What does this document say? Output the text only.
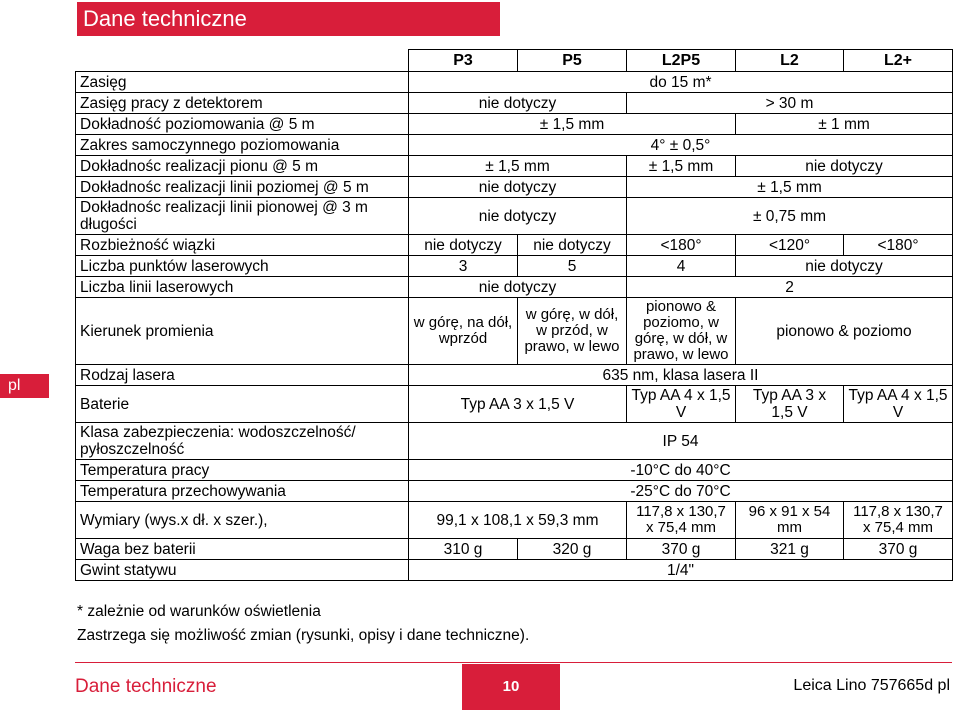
Dane techniczne
pl
	P3	P5	L2P5	L2	L2+
Zasięg	do 15 m*				
Zasięg pracy z detektorem	nie dotyczy		> 30 m		
Dokładność poziomowania @ 5 m	± 1,5 mm			± 1 mm	
Zakres samoczynnego poziomowania	4° ± 0,5°				
Dokładnośc realizacji pionu @ 5 m	± 1,5 mm		± 1,5 mm	nie dotyczy	
Dokładnośc realizacji linii poziomej @ 5 m	nie dotyczy		± 1,5 mm		
Dokładnośc realizacji linii pionowej @ 3 m długości	nie dotyczy		± 0,75 mm		
Rozbieżność wiązki	nie dotyczy	nie dotyczy	<180°	<120°	<180°
Liczba punktów laserowych	3	5	4	nie dotyczy	
Liczba linii laserowych	nie dotyczy		2		
Kierunek promienia	w górę, na dół, wprzód	w górę, w dół, w przód, w prawo, w lewo	pionowo & poziomo, w górę, w dół, w prawo, w lewo	pionowo & poziomo	
Rodzaj lasera	635 nm, klasa lasera II				
Baterie	Typ AA 3 x 1,5 V		Typ AA 4 x 1,5 V	Typ AA 3 x 1,5 V	Typ AA 4 x 1,5 V
Klasa zabezpieczenia: wodoszczelność/ pyłoszczelność	IP 54				
Temperatura pracy	-10°C do 40°C				
Temperatura przechowywania	-25°C do 70°C				
Wymiary (wys.x dł. x szer.),	99,1 x 108,1 x 59,3 mm		117,8 x 130,7 x 75,4 mm	96 x 91 x 54 mm	117,8 x 130,7 x 75,4 mm
Waga bez baterii	310 g	320 g	370 g	321 g	370 g
Gwint statywu	1/4"				
* zależnie od warunków oświetlenia
Zastrzega się możliwość zmian (rysunki, opisy i dane techniczne).
Dane techniczne	10	Leica Lino 757665d pl
